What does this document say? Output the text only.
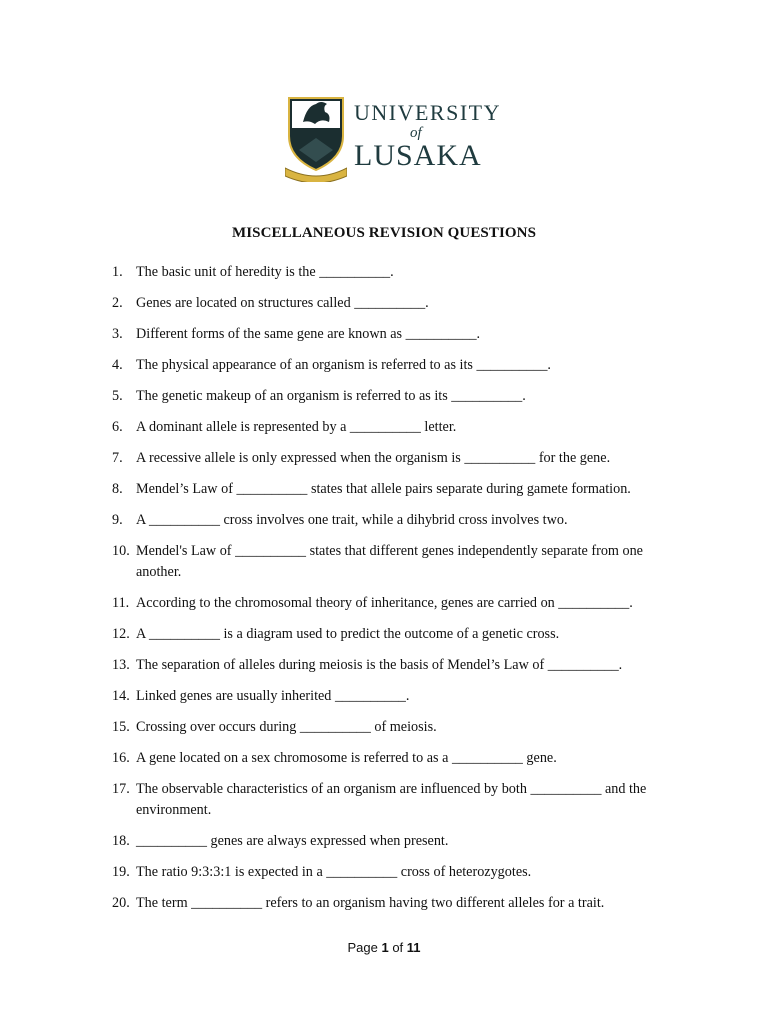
UNIVERSITY
of
LUSAKA
MISCELLANEOUS REVISION QUESTIONS
1. The basic unit of heredity is the __________.
2. Genes are located on structures called __________.
3. Different forms of the same gene are known as __________.
4. The physical appearance of an organism is referred to as its __________.
5. The genetic makeup of an organism is referred to as its __________.
6. A dominant allele is represented by a __________ letter.
7. A recessive allele is only expressed when the organism is __________ for the gene.
8. Mendel’s Law of __________ states that allele pairs separate during gamete formation.
9. A __________ cross involves one trait, while a dihybrid cross involves two.
10. Mendel's Law of __________ states that different genes independently separate from one another.
11. According to the chromosomal theory of inheritance, genes are carried on __________.
12. A __________ is a diagram used to predict the outcome of a genetic cross.
13. The separation of alleles during meiosis is the basis of Mendel’s Law of __________.
14. Linked genes are usually inherited __________.
15. Crossing over occurs during __________ of meiosis.
16. A gene located on a sex chromosome is referred to as a __________ gene.
17. The observable characteristics of an organism are influenced by both __________ and the environment.
18. __________ genes are always expressed when present.
19. The ratio 9:3:3:1 is expected in a __________ cross of heterozygotes.
20. The term __________ refers to an organism having two different alleles for a trait.
Page 1 of 11
